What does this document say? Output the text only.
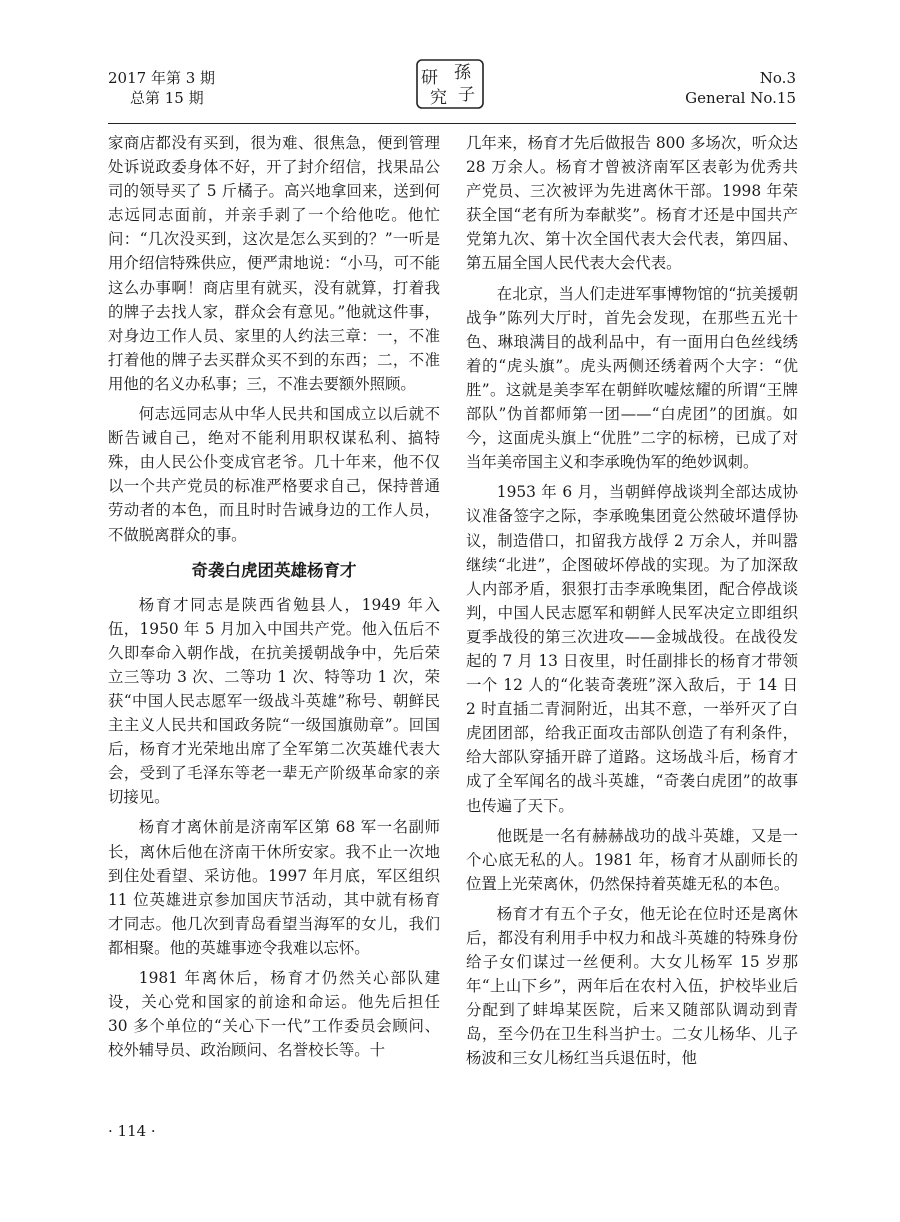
2017 年第 3 期
总第 15 期
研
究
孫
子
No.3
General No.15

家商店都没有买到，很为难、很焦急，便到管理处诉说政委身体不好，开了封介绍信，找果品公司的领导买了 5 斤橘子。高兴地拿回来，送到何志远同志面前，并亲手剥了一个给他吃。他忙问：“几次没买到，这次是怎么买到的？”一听是用介绍信特殊供应，便严肃地说：“小马，可不能这么办事啊！商店里有就买，没有就算，打着我的牌子去找人家，群众会有意见。”他就这件事，对身边工作人员、家里的人约法三章：一，不准打着他的牌子去买群众买不到的东西；二，不准用他的名义办私事；三，不准去要额外照顾。

何志远同志从中华人民共和国成立以后就不断告诫自己，绝对不能利用职权谋私利、搞特殊，由人民公仆变成官老爷。几十年来，他不仅以一个共产党员的标准严格要求自己，保持普通劳动者的本色，而且时时告诫身边的工作人员，不做脱离群众的事。

奇袭白虎团英雄杨育才

杨育才同志是陕西省勉县人，1949 年入伍，1950 年 5 月加入中国共产党。他入伍后不久即奉命入朝作战，在抗美援朝战争中，先后荣立三等功 3 次、二等功 1 次、特等功 1 次，荣获“中国人民志愿军一级战斗英雄”称号、朝鲜民主主义人民共和国政务院“一级国旗勋章”。回国后，杨育才光荣地出席了全军第二次英雄代表大会，受到了毛泽东等老一辈无产阶级革命家的亲切接见。

杨育才离休前是济南军区第 68 军一名副师长，离休后他在济南干休所安家。我不止一次地到住处看望、采访他。1997 年月底，军区组织 11 位英雄进京参加国庆节活动，其中就有杨育才同志。他几次到青岛看望当海军的女儿，我们都相聚。他的英雄事迹令我难以忘怀。

1981 年离休后，杨育才仍然关心部队建设，关心党和国家的前途和命运。他先后担任 30 多个单位的“关心下一代”工作委员会顾问、校外辅导员、政治顾问、名誉校长等。十

几年来，杨育才先后做报告 800 多场次，听众达 28 万余人。杨育才曾被济南军区表彰为优秀共产党员、三次被评为先进离休干部。1998 年荣获全国“老有所为奉献奖”。杨育才还是中国共产党第九次、第十次全国代表大会代表，第四届、第五届全国人民代表大会代表。

在北京，当人们走进军事博物馆的“抗美援朝战争”陈列大厅时，首先会发现，在那些五光十色、琳琅满目的战利品中，有一面用白色丝线绣着的“虎头旗”。虎头两侧还绣着两个大字：“优胜”。这就是美李军在朝鲜吹嘘炫耀的所谓“王牌部队”伪首都师第一团——“白虎团”的团旗。如今，这面虎头旗上“优胜”二字的标榜，已成了对当年美帝国主义和李承晚伪军的绝妙讽刺。

1953 年 6 月，当朝鲜停战谈判全部达成协议准备签字之际，李承晚集团竟公然破坏遣俘协议，制造借口，扣留我方战俘 2 万余人，并叫嚣继续“北进”，企图破坏停战的实现。为了加深敌人内部矛盾，狠狠打击李承晚集团，配合停战谈判，中国人民志愿军和朝鲜人民军决定立即组织夏季战役的第三次进攻——金城战役。在战役发起的 7 月 13 日夜里，时任副排长的杨育才带领一个 12 人的“化装奇袭班”深入敌后，于 14 日 2 时直插二青洞附近，出其不意，一举歼灭了白虎团团部，给我正面攻击部队创造了有利条件，给大部队穿插开辟了道路。这场战斗后，杨育才成了全军闻名的战斗英雄，“奇袭白虎团”的故事也传遍了天下。

他既是一名有赫赫战功的战斗英雄，又是一个心底无私的人。1981 年，杨育才从副师长的位置上光荣离休，仍然保持着英雄无私的本色。

杨育才有五个子女，他无论在位时还是离休后，都没有利用手中权力和战斗英雄的特殊身份给子女们谋过一丝便利。大女儿杨军 15 岁那年“上山下乡”，两年后在农村入伍，护校毕业后分配到了蚌埠某医院，后来又随部队调动到青岛，至今仍在卫生科当护士。二女儿杨华、儿子杨波和三女儿杨红当兵退伍时，他

· 114 ·
